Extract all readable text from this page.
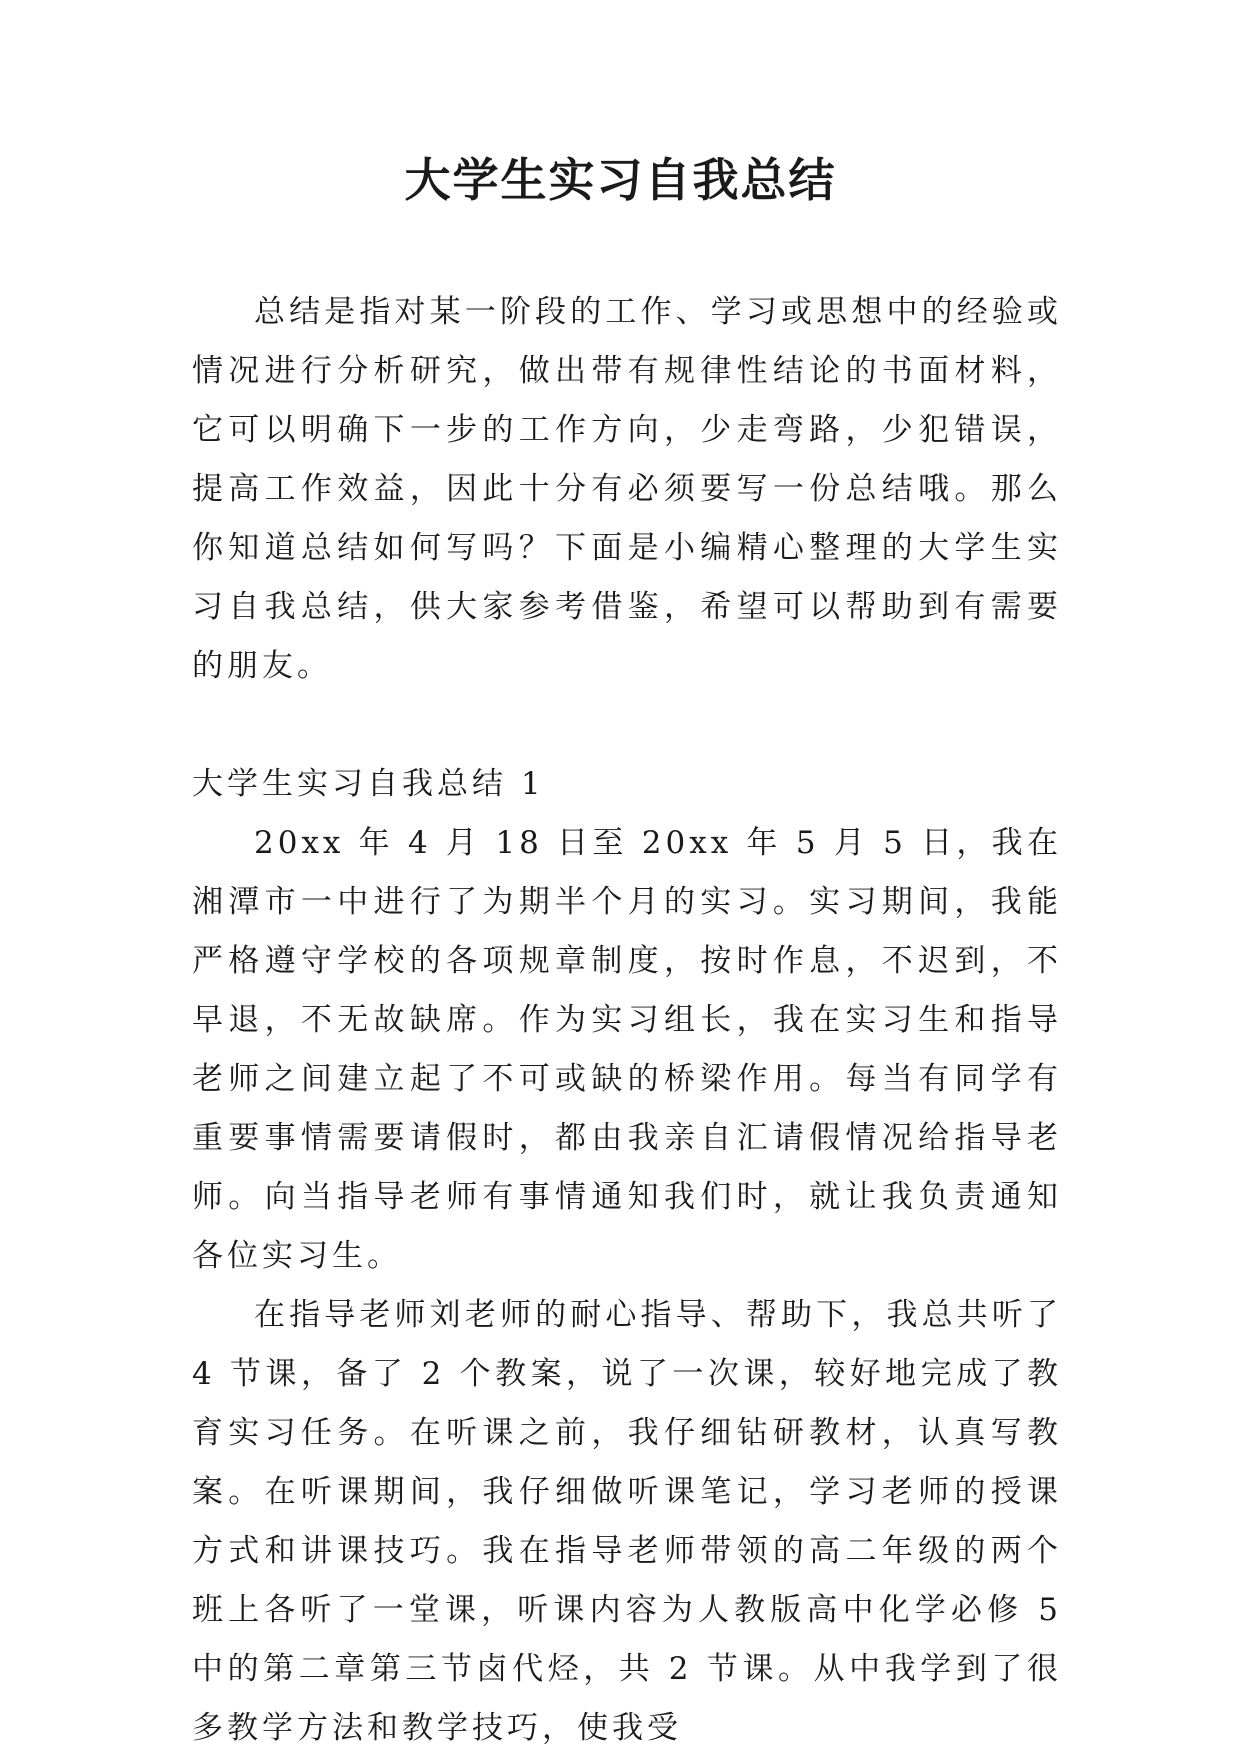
大学生实习自我总结

总结是指对某一阶段的工作、学习或思想中的经验或情况进行分析研究，做出带有规律性结论的书面材料，它可以明确下一步的工作方向，少走弯路，少犯错误，提高工作效益，因此十分有必须要写一份总结哦。那么你知道总结如何写吗？下面是小编精心整理的大学生实习自我总结，供大家参考借鉴，希望可以帮助到有需要的朋友。

大学生实习自我总结 1

20xx 年 4 月 18 日至 20xx 年 5 月 5 日，我在湘潭市一中进行了为期半个月的实习。实习期间，我能严格遵守学校的各项规章制度，按时作息，不迟到，不早退，不无故缺席。作为实习组长，我在实习生和指导老师之间建立起了不可或缺的桥梁作用。每当有同学有重要事情需要请假时，都由我亲自汇请假情况给指导老师。向当指导老师有事情通知我们时，就让我负责通知各位实习生。

在指导老师刘老师的耐心指导、帮助下，我总共听了 4 节课，备了 2 个教案，说了一次课，较好地完成了教育实习任务。在听课之前，我仔细钻研教材，认真写教案。在听课期间，我仔细做听课笔记，学习老师的授课方式和讲课技巧。我在指导老师带领的高二年级的两个班上各听了一堂课，听课内容为人教版高中化学必修 5 中的第二章第三节卤代烃，共 2 节课。从中我学到了很多教学方法和教学技巧，使我受
